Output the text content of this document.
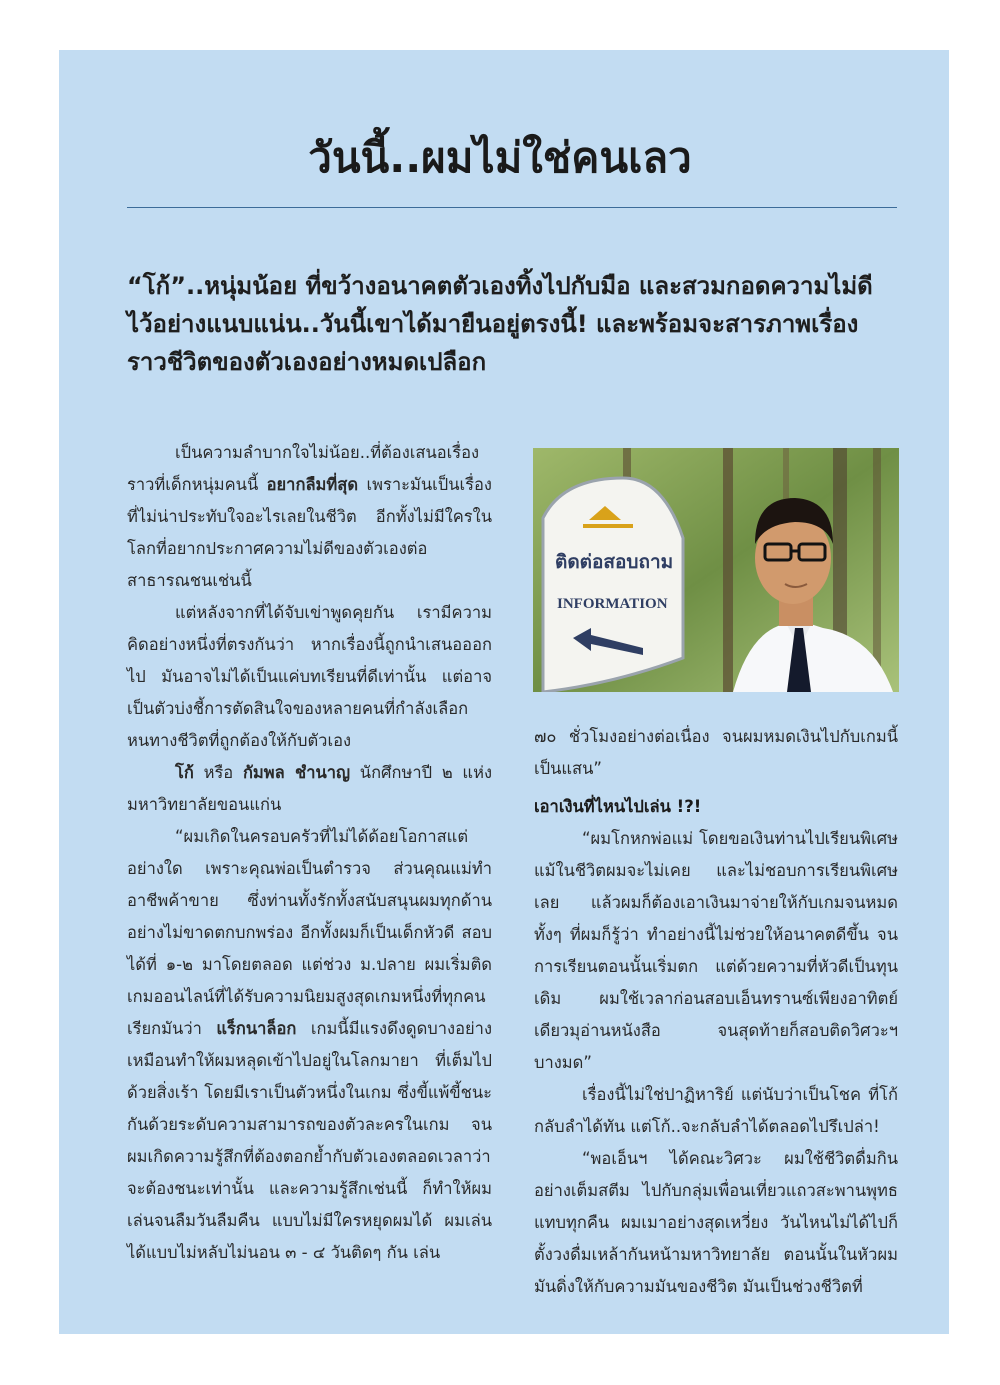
วันนี้..ผมไม่ใช่คนเลว

“โก้”..หนุ่มน้อย ที่ขว้างอนาคตตัวเองทิ้งไปกับมือ และสวมกอดความไม่ดีไว้อย่างแนบแน่น..วันนี้เขาได้มายืนอยู่ตรงนี้! และพร้อมจะสารภาพเรื่องราวชีวิตของตัวเองอย่างหมดเปลือก

เป็นความลำบากใจไม่น้อย..ที่ต้องเสนอเรื่องราวที่เด็กหนุ่มคนนี้ อยากลืมที่สุด เพราะมันเป็นเรื่องที่ไม่น่าประทับใจอะไรเลยในชีวิต อีกทั้งไม่มีใครในโลกที่อยากประกาศความไม่ดีของตัวเองต่อสาธารณชนเช่นนี้

แต่หลังจากที่ได้จับเข่าพูดคุยกัน เรามีความคิดอย่างหนึ่งที่ตรงกันว่า หากเรื่องนี้ถูกนำเสนอออกไป มันอาจไม่ได้เป็นแค่บทเรียนที่ดีเท่านั้น แต่อาจเป็นตัวบ่งชี้การตัดสินใจของหลายคนที่กำลังเลือกหนทางชีวิตที่ถูกต้องให้กับตัวเอง

โก้ หรือ กัมพล ชำนาญ นักศึกษาปี ๒ แห่งมหาวิทยาลัยขอนแก่น

“ผมเกิดในครอบครัวที่ไม่ได้ด้อยโอกาสแต่อย่างใด เพราะคุณพ่อเป็นตำรวจ ส่วนคุณแม่ทำอาชีพค้าขาย ซึ่งท่านทั้งรักทั้งสนับสนุนผมทุกด้านอย่างไม่ขาดตกบกพร่อง อีกทั้งผมก็เป็นเด็กหัวดี สอบได้ที่ ๑-๒ มาโดยตลอด แต่ช่วง ม.ปลาย ผมเริ่มติดเกมออนไลน์ที่ได้รับความนิยมสูงสุดเกมหนึ่งที่ทุกคนเรียกมันว่า แร็กนาล็อก เกมนี้มีแรงดึงดูดบางอย่างเหมือนทำให้ผมหลุดเข้าไปอยู่ในโลกมายา ที่เต็มไปด้วยสิ่งเร้า โดยมีเราเป็นตัวหนึ่งในเกม ซึ่งขี้แพ้ขี้ชนะกันด้วยระดับความสามารถของตัวละครในเกม จนผมเกิดความรู้สึกที่ต้องตอกย้ำกับตัวเองตลอดเวลาว่าจะต้องชนะเท่านั้น และความรู้สึกเช่นนี้ ก็ทำให้ผมเล่นจนลืมวันลืมคืน แบบไม่มีใครหยุดผมได้ ผมเล่นได้แบบไม่หลับไม่นอน ๓ - ๔ วันติดๆ กัน เล่น

ติดต่อสอบถาม
INFORMATION

๗๐ ชั่วโมงอย่างต่อเนื่อง จนผมหมดเงินไปกับเกมนี้เป็นแสน”

เอาเงินที่ไหนไปเล่น !?!

“ผมโกหกพ่อแม่ โดยขอเงินท่านไปเรียนพิเศษ แม้ในชีวิตผมจะไม่เคย และไม่ชอบการเรียนพิเศษเลย แล้วผมก็ต้องเอาเงินมาจ่ายให้กับเกมจนหมด ทั้งๆ ที่ผมก็รู้ว่า ทำอย่างนี้ไม่ช่วยให้อนาคตดีขึ้น จนการเรียนตอนนั้นเริ่มตก แต่ด้วยความที่หัวดีเป็นทุนเดิม ผมใช้เวลาก่อนสอบเอ็นทรานซ์เพียงอาทิตย์เดียวมุอ่านหนังสือ จนสุดท้ายก็สอบติดวิศวะฯ บางมด”

เรื่องนี้ไม่ใช่ปาฏิหาริย์ แต่นับว่าเป็นโชค ที่โก้กลับลำได้ทัน แต่โก้..จะกลับลำได้ตลอดไปรึเปล่า!

“พอเอ็นฯ ได้คณะวิศวะ ผมใช้ชีวิตดื่มกินอย่างเต็มสตีม ไปกับกลุ่มเพื่อนเที่ยวแถวสะพานพุทธแทบทุกคืน ผมเมาอย่างสุดเหวี่ยง วันไหนไม่ได้ไปก็ตั้งวงดื่มเหล้ากันหน้ามหาวิทยาลัย ตอนนั้นในหัวผมมันดิ่งให้กับความมันของชีวิต มันเป็นช่วงชีวิตที่
